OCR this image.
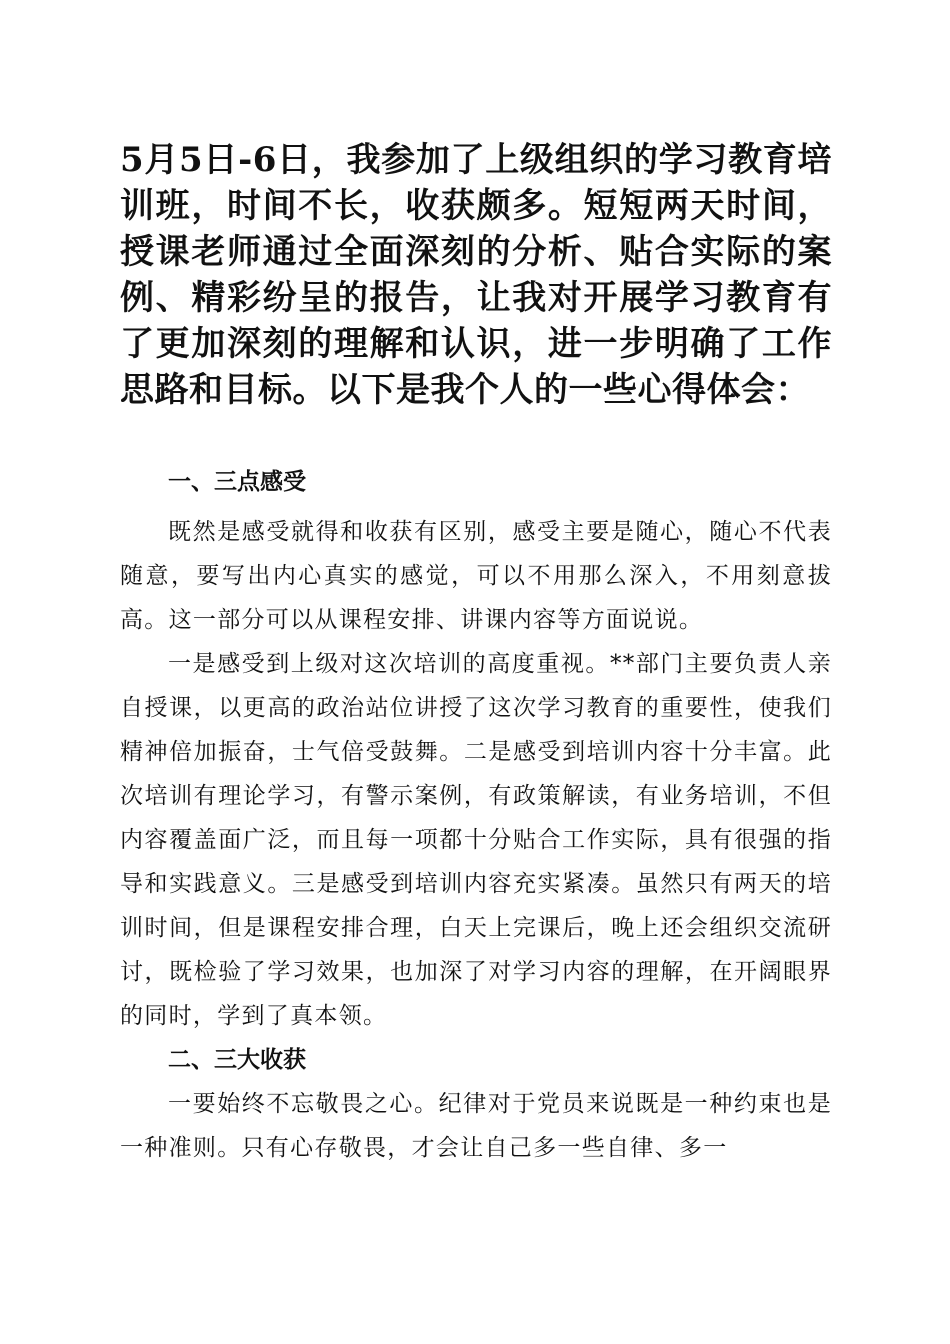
5月5日-6日，我参加了上级组织的学习教育培训班，时间不长，收获颇多。短短两天时间，授课老师通过全面深刻的分析、贴合实际的案例、精彩纷呈的报告，让我对开展学习教育有了更加深刻的理解和认识，进一步明确了工作思路和目标。以下是我个人的一些心得体会：

一、三点感受

既然是感受就得和收获有区别，感受主要是随心，随心不代表随意，要写出内心真实的感觉，可以不用那么深入，不用刻意拔高。这一部分可以从课程安排、讲课内容等方面说说。

一是感受到上级对这次培训的高度重视。**部门主要负责人亲自授课，以更高的政治站位讲授了这次学习教育的重要性，使我们精神倍加振奋，士气倍受鼓舞。二是感受到培训内容十分丰富。此次培训有理论学习，有警示案例，有政策解读，有业务培训，不但内容覆盖面广泛，而且每一项都十分贴合工作实际，具有很强的指导和实践意义。三是感受到培训内容充实紧凑。虽然只有两天的培训时间，但是课程安排合理，白天上完课后，晚上还会组织交流研讨，既检验了学习效果，也加深了对学习内容的理解，在开阔眼界的同时，学到了真本领。

二、三大收获

一要始终不忘敬畏之心。纪律对于党员来说既是一种约束也是一种准则。只有心存敬畏，才会让自己多一些自律、多一
